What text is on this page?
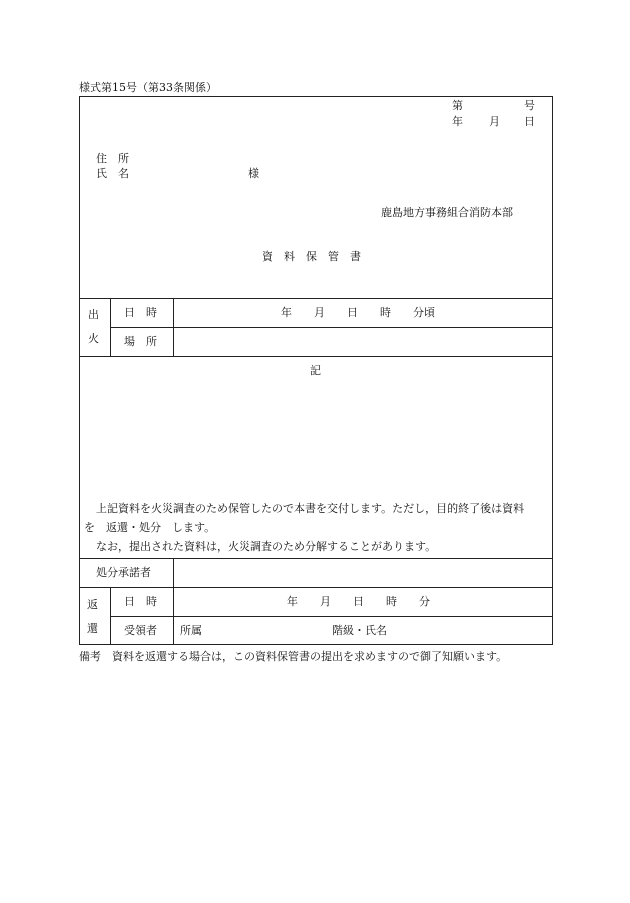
様式第15号（第33条関係）
第	号
年 月 日
住　所
氏　名	様
鹿島地方事務組合消防本部
資料保管書
出
火
日　時	年　　月　　日　　時　　分頃
場　所
記
上記資料を火災調査のため保管したので本書を交付します。ただし，目的終了後は資料
を　返還・処分　します。
なお，提出された資料は，火災調査のため分解することがあります。
処分承諾者
返
還
日　時	年　　月　　日　　時　　分
受領者 所属	階級・氏名
備考　資料を返還する場合は，この資料保管書の提出を求めますので御了知願います。
